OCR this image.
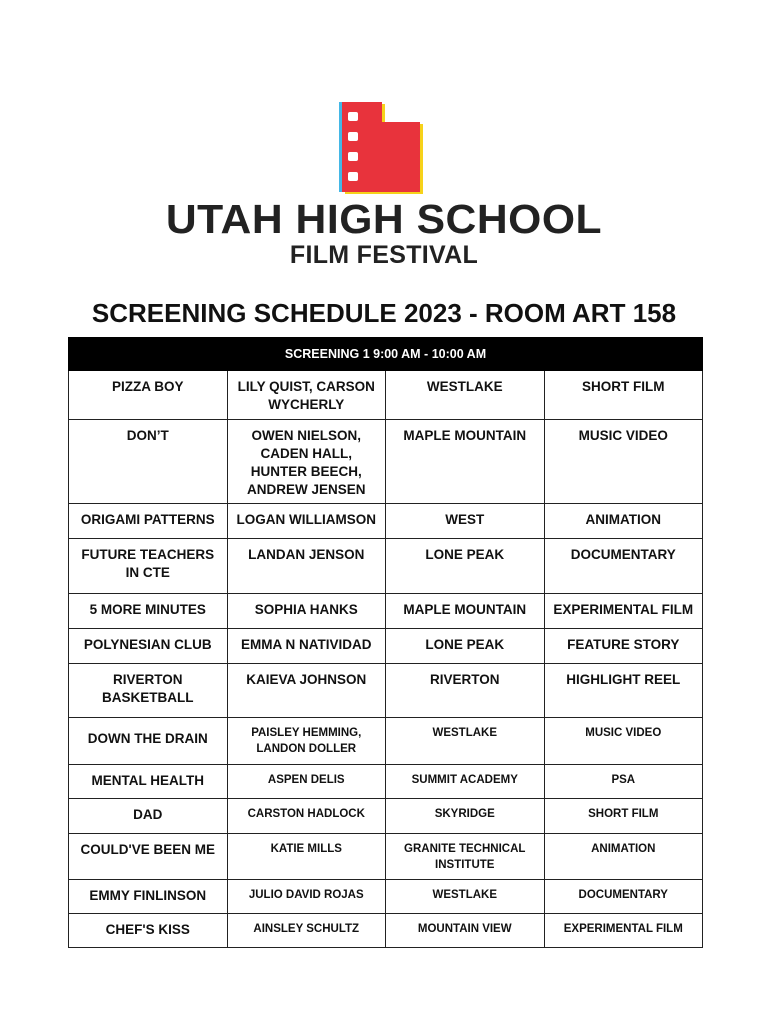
UTAH HIGH SCHOOL
FILM FESTIVAL
SCREENING SCHEDULE 2023 - ROOM ART 158
SCREENING 1 9:00 AM - 10:00 AM			
PIZZA BOY	LILY QUIST, CARSON WYCHERLY	WESTLAKE	SHORT FILM
DON’T	OWEN NIELSON, CADEN HALL, HUNTER BEECH, ANDREW JENSEN	MAPLE MOUNTAIN	MUSIC VIDEO
ORIGAMI PATTERNS	LOGAN WILLIAMSON	WEST	ANIMATION
FUTURE TEACHERS IN CTE	LANDAN JENSON	LONE PEAK	DOCUMENTARY
5 MORE MINUTES	SOPHIA HANKS	MAPLE MOUNTAIN	EXPERIMENTAL FILM
POLYNESIAN CLUB	EMMA N NATIVIDAD	LONE PEAK	FEATURE STORY
RIVERTON BASKETBALL	KAIEVA JOHNSON	RIVERTON	HIGHLIGHT REEL
DOWN THE DRAIN	PAISLEY HEMMING, LANDON DOLLER	WESTLAKE	MUSIC VIDEO
MENTAL HEALTH	ASPEN DELIS	SUMMIT ACADEMY	PSA
DAD	CARSTON HADLOCK	SKYRIDGE	SHORT FILM
COULD'VE BEEN ME	KATIE MILLS	GRANITE TECHNICAL INSTITUTE	ANIMATION
EMMY FINLINSON	JULIO DAVID ROJAS	WESTLAKE	DOCUMENTARY
CHEF'S KISS	AINSLEY SCHULTZ	MOUNTAIN VIEW	EXPERIMENTAL FILM
